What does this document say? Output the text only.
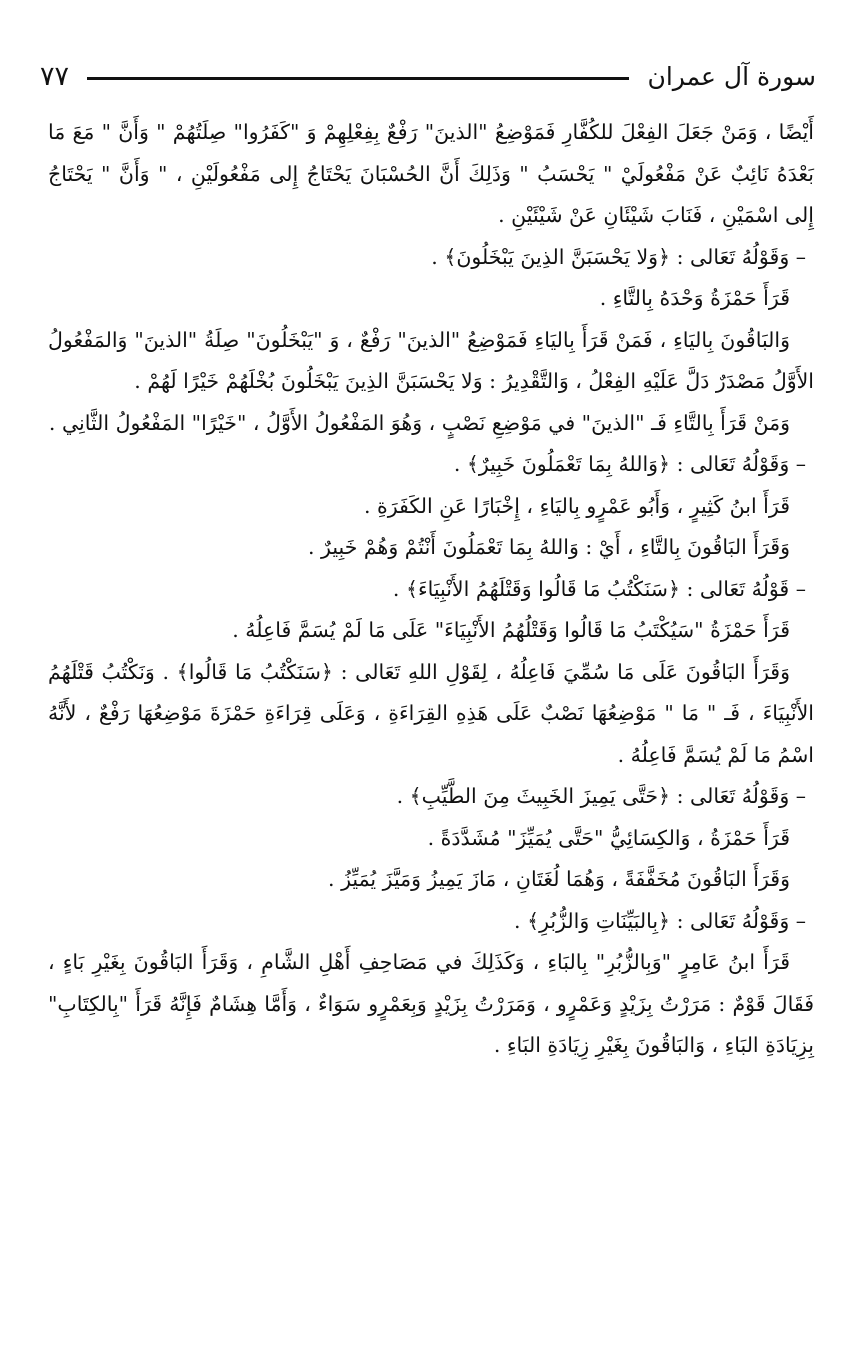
سورة آل عمران
٧٧

أَيْضًا ، وَمَنْ جَعَلَ الفِعْلَ للكُفَّارِ فَمَوْضِعُ "الذينَ" رَفْعٌ بِفِعْلِهِمْ وَ "كَفَرُوا" صِلَتُهُمْ " وَأَنَّ " مَعَ مَا بَعْدَهُ نَائِبٌ عَنْ مَفْعُولَيْ " يَحْسَبُ " وَذَلِكَ أَنَّ الحُسْبَانَ يَحْتَاجُ إِلى مَفْعُولَيْنِ ، " وَأَنَّ " يَحْتَاجُ إِلى اسْمَيْنِ ، فَنَابَ شَيْئَانِ عَنْ شَيْئَيْنِ .

– وَقَوْلُهُ تَعَالى : ﴿وَلا يَحْسَبَنَّ الذِينَ يَبْخَلُونَ﴾ .

قَرَأَ حَمْزَةُ وَحْدَهُ بِالتَّاءِ .

وَالبَاقُونَ بِاليَاءِ ، فَمَنْ قَرَأَ بِاليَاءِ فَمَوْضِعُ "الذينَ" رَفْعٌ ، وَ "يَبْخَلُونَ" صِلَةُ "الذينَ" وَالمَفْعُولُ الأَوَّلُ مَصْدَرٌ دَلَّ عَلَيْهِ الفِعْلُ ، وَالتَّقْدِيرُ : وَلا يَحْسَبَنَّ الذِينَ يَبْخَلُونَ بُخْلَهُمْ خَيْرًا لَهُمْ .

وَمَنْ قَرَأَ بِالتَّاءِ فَـ "الذينَ" في مَوْضِعِ نَصْبٍ ، وَهُوَ المَفْعُولُ الأَوَّلُ ، "خَيْرًا" المَفْعُولُ الثَّانِي .

– وَقَوْلُهُ تَعَالى : ﴿وَاللهُ بِمَا تَعْمَلُونَ خَبِيرٌ﴾ .

قَرَأَ ابنُ كَثِيرٍ ، وَأَبُو عَمْرٍو بِاليَاءِ ، إِخْبَارًا عَنِ الكَفَرَةِ .

وَقَرَأَ البَاقُونَ بِالتَّاءِ ، أَيْ : وَاللهُ بِمَا تَعْمَلُونَ أَنْتُمْ وَهُمْ خَبِيرٌ .

– قَوْلُهُ تَعَالى : ﴿سَنَكْتُبُ مَا قَالُوا وَقَتْلَهُمُ الأَنْبِيَاءَ﴾ .

قَرَأَ حَمْزَةُ "سَيُكْتَبُ مَا قَالُوا وَقَتْلُهُمُ الأَنْبِيَاءَ" عَلَى مَا لَمْ يُسَمَّ فَاعِلُهُ .

وَقَرَأَ البَاقُونَ عَلَى مَا سُمِّيَ فَاعِلُهُ ، لِقَوْلِ اللهِ تَعَالى : ﴿سَنَكْتُبُ مَا قَالُوا﴾ . وَنَكْتُبُ قَتْلَهُمُ الأَنْبِيَاءَ ، فَـ " مَا " مَوْضِعُهَا نَصْبٌ عَلَى هَذِهِ القِرَاءَةِ ، وَعَلَى قِرَاءَةِ حَمْزَةَ مَوْضِعُهَا رَفْعٌ ، لأَنَّهُ اسْمُ مَا لَمْ يُسَمَّ فَاعِلُهُ .

– وَقَوْلُهُ تَعَالى : ﴿حَتَّى يَمِيزَ الخَبِيثَ مِنَ الطَّيِّبِ﴾ .

قَرَأَ حَمْزَةُ ، وَالكِسَائِيُّ "حَتَّى يُمَيِّزَ" مُشَدَّدَةً .

وَقَرَأَ البَاقُونَ مُخَفَّفَةً ، وَهُمَا لُغَتَانِ ، مَازَ يَمِيزُ وَمَيَّزَ يُمَيِّزُ .

– وَقَوْلُهُ تَعَالى : ﴿بِالبَيِّنَاتِ وَالزُّبُرِ﴾ .

قَرَأَ ابنُ عَامِرٍ "وَبِالزُّبُرِ" بِالبَاءِ ، وَكَذَلِكَ في مَصَاحِفِ أَهْلِ الشَّامِ ، وَقَرَأَ البَاقُونَ بِغَيْرِ بَاءٍ ، فَقَالَ قَوْمٌ : مَرَرْتُ بِزَيْدٍ وَعَمْرٍو ، وَمَرَرْتُ بِزَيْدٍ وَبِعَمْرٍو سَوَاءٌ ، وَأَمَّا هِشَامٌ فَإِنَّهُ قَرَأَ "بِالكِتَابِ" بِزِيَادَةِ البَاءِ ، وَالبَاقُونَ بِغَيْرِ زِيَادَةِ البَاءِ .
